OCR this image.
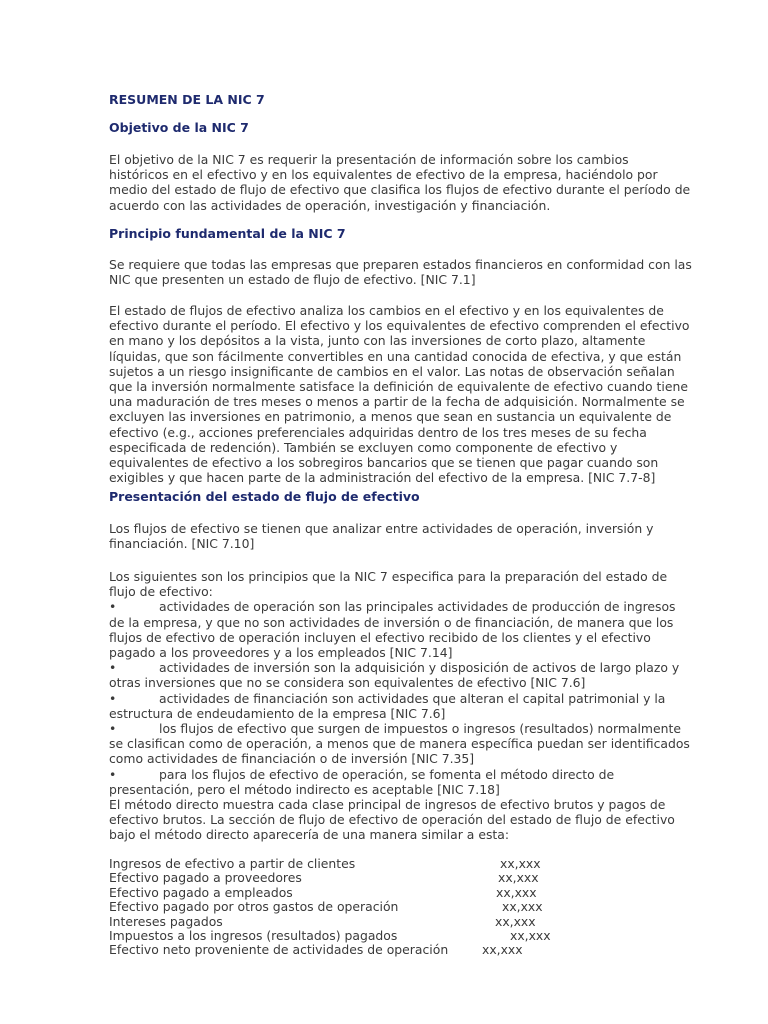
RESUMEN DE LA NIC 7
Objetivo de la NIC 7

El objetivo de la NIC 7 es requerir la presentación de información sobre los cambios
históricos en el efectivo y en los equivalentes de efectivo de la empresa, haciéndolo por
medio del estado de flujo de efectivo que clasifica los flujos de efectivo durante el período de
acuerdo con las actividades de operación, investigación y financiación.

Principio fundamental de la NIC 7

Se requiere que todas las empresas que preparen estados financieros en conformidad con las
NIC que presenten un estado de flujo de efectivo. [NIC 7.1]

El estado de flujos de efectivo analiza los cambios en el efectivo y en los equivalentes de
efectivo durante el período. El efectivo y los equivalentes de efectivo comprenden el efectivo
en mano y los depósitos a la vista, junto con las inversiones de corto plazo, altamente
líquidas, que son fácilmente convertibles en una cantidad conocida de efectiva, y que están
sujetos a un riesgo insignificante de cambios en el valor. Las notas de observación señalan
que la inversión normalmente satisface la definición de equivalente de efectivo cuando tiene
una maduración de tres meses o menos a partir de la fecha de adquisición. Normalmente se
excluyen las inversiones en patrimonio, a menos que sean en sustancia un equivalente de
efectivo (e.g., acciones preferenciales adquiridas dentro de los tres meses de su fecha
especificada de redención). También se excluyen como componente de efectivo y
equivalentes de efectivo a los sobregiros bancarios que se tienen que pagar cuando son
exigibles y que hacen parte de la administración del efectivo de la empresa. [NIC 7.7-8]

Presentación del estado de flujo de efectivo

Los flujos de efectivo se tienen que analizar entre actividades de operación, inversión y
financiación. [NIC 7.10]

Los siguientes son los principios que la NIC 7 especifica para la preparación del estado de
flujo de efectivo:
•	actividades de operación son las principales actividades de producción de ingresos
de la empresa, y que no son actividades de inversión o de financiación, de manera que los
flujos de efectivo de operación incluyen el efectivo recibido de los clientes y el efectivo
pagado a los proveedores y a los empleados [NIC 7.14]
•	actividades de inversión son la adquisición y disposición de activos de largo plazo y
otras inversiones que no se considera son equivalentes de efectivo [NIC 7.6]
•	actividades de financiación son actividades que alteran el capital patrimonial y la
estructura de endeudamiento de la empresa [NIC 7.6]
•	los flujos de efectivo que surgen de impuestos o ingresos (resultados) normalmente
se clasifican como de operación, a menos que de manera específica puedan ser identificados
como actividades de financiación o de inversión [NIC 7.35]
•	para los flujos de efectivo de operación, se fomenta el método directo de
presentación, pero el método indirecto es aceptable [NIC 7.18]

El método directo muestra cada clase principal de ingresos de efectivo brutos y pagos de
efectivo brutos. La sección de flujo de efectivo de operación del estado de flujo de efectivo
bajo el método directo aparecería de una manera similar a esta:

Ingresos de efectivo a partir de clientes	xx,xxx
Efectivo pagado a proveedores	xx,xxx
Efectivo pagado a empleados	xx,xxx
Efectivo pagado por otros gastos de operación	xx,xxx
Intereses pagados	xx,xxx
Impuestos a los ingresos (resultados) pagados	xx,xxx
Efectivo neto proveniente de actividades de operación	xx,xxx
